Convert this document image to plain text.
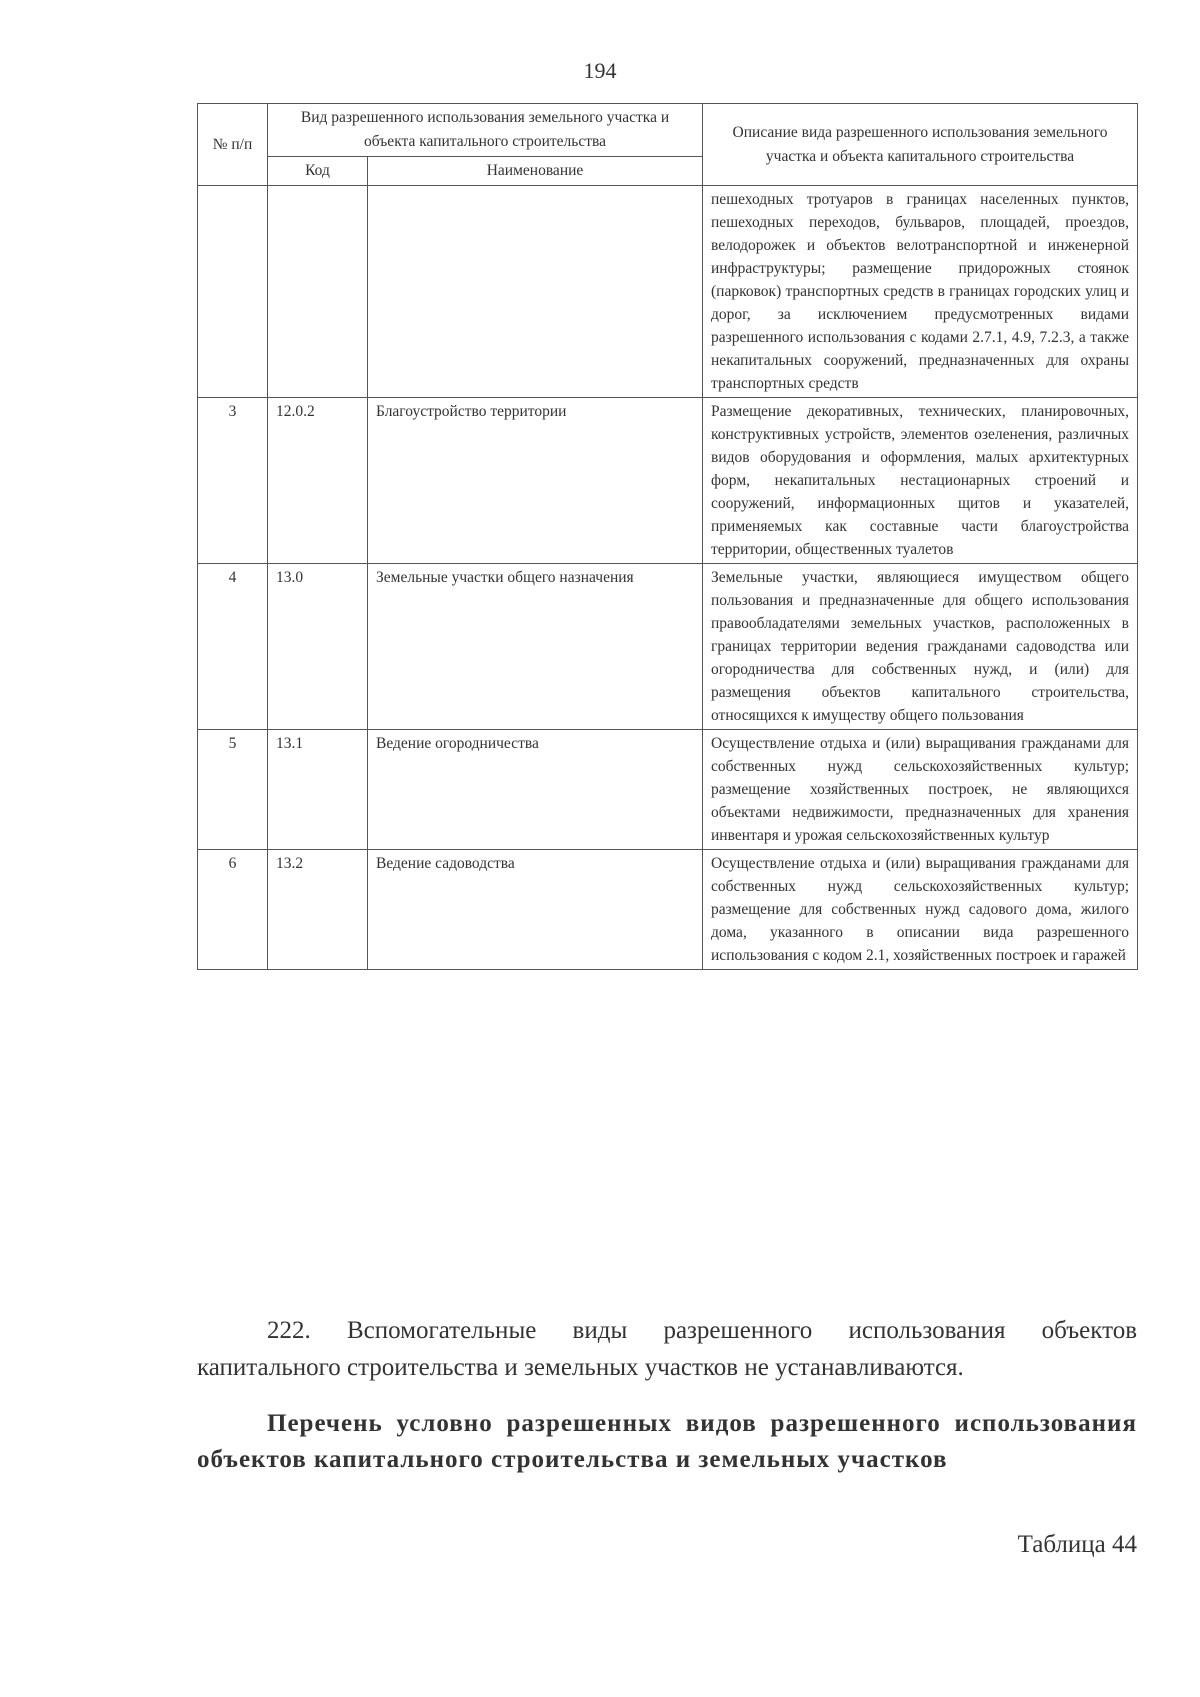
194
№ п/п	Вид разрешенного использования земельного участка и объекта капитального строительства		Описание вида разрешенного использования земельного участка и объекта капитального строительства
	Код	Наименование	
			пешеходных тротуаров в границах населенных пунктов, пешеходных переходов, бульваров, площадей, проездов, велодорожек и объектов велотранспортной и инженерной инфраструктуры; размещение придорожных стоянок (парковок) транспортных средств в границах городских улиц и дорог, за исключением предусмотренных видами разрешенного использования с кодами 2.7.1, 4.9, 7.2.3, а также некапитальных сооружений, предназначенных для охраны транспортных средств
3	12.0.2	Благоустройство территории	Размещение декоративных, технических, планировочных, конструктивных устройств, элементов озеленения, различных видов оборудования и оформления, малых архитектурных форм, некапитальных нестационарных строений и сооружений, информационных щитов и указателей, применяемых как составные части благоустройства территории, общественных туалетов
4	13.0	Земельные участки общего назначения	Земельные участки, являющиеся имуществом общего пользования и предназначенные для общего использования правообладателями земельных участков, расположенных в границах территории ведения гражданами садоводства или огородничества для собственных нужд, и (или) для размещения объектов капитального строительства, относящихся к имуществу общего пользования
5	13.1	Ведение огородничества	Осуществление отдыха и (или) выращивания гражданами для собственных нужд сельскохозяйственных культур; размещение хозяйственных построек, не являющихся объектами недвижимости, предназначенных для хранения инвентаря и урожая сельскохозяйственных культур
6	13.2	Ведение садоводства	Осуществление отдыха и (или) выращивания гражданами для собственных нужд сельскохозяйственных культур; размещение для собственных нужд садового дома, жилого дома, указанного в описании вида разрешенного использования с кодом 2.1, хозяйственных построек и гаражей
222. Вспомогательные виды разрешенного использования объектов капитального строительства и земельных участков не устанавливаются.
Перечень условно разрешенных видов разрешенного использования объектов капитального строительства и земельных участков
Таблица 44
